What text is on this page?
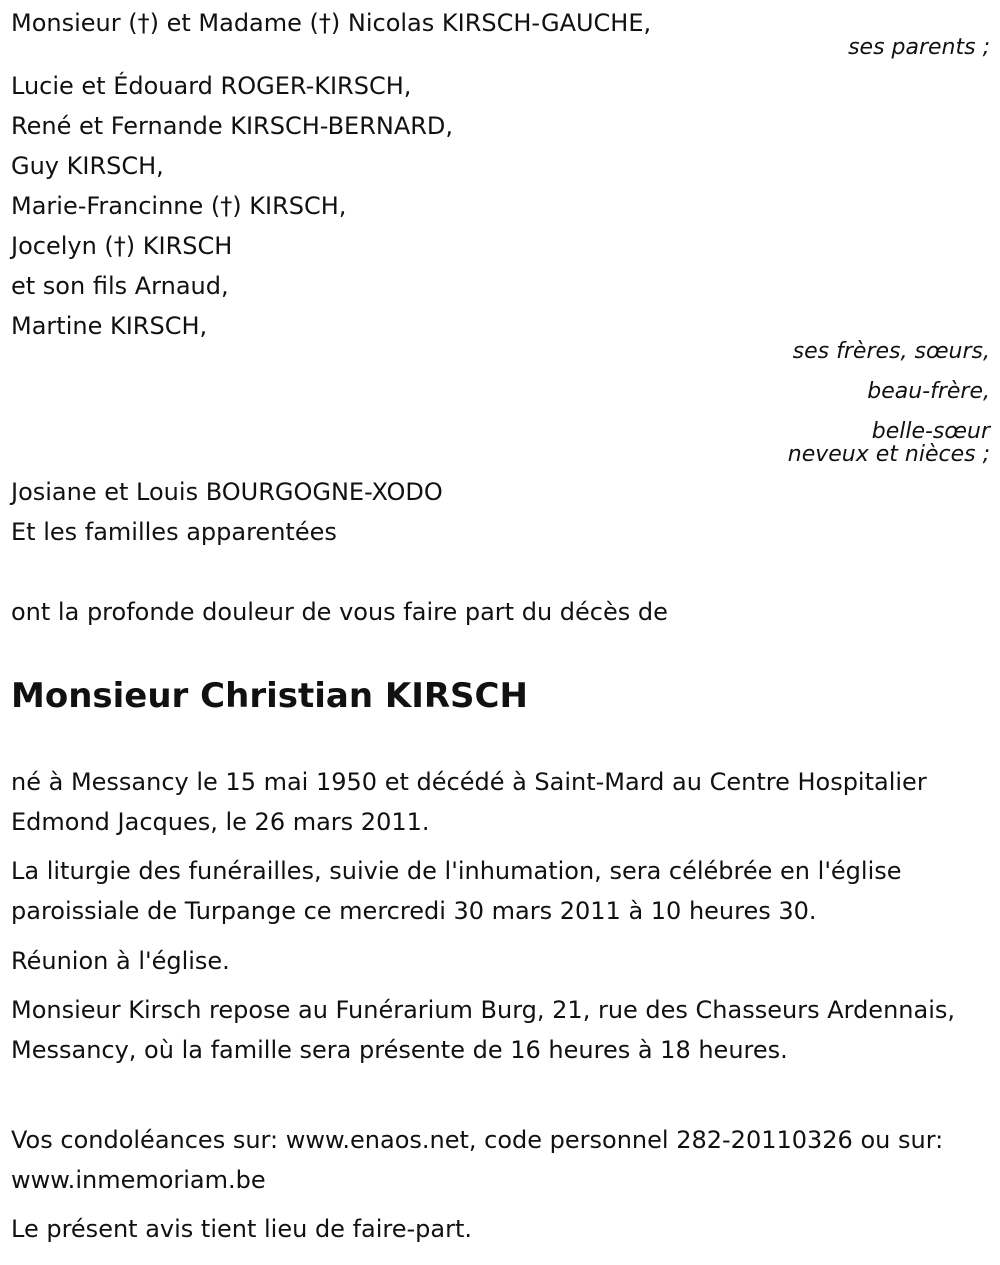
Monsieur (†) et Madame (†) Nicolas KIRSCH-GAUCHE,
ses parents ;
Lucie et Édouard ROGER-KIRSCH,
René et Fernande KIRSCH-BERNARD,
Guy KIRSCH,
Marie-Francinne (†) KIRSCH,
Jocelyn (†) KIRSCH
et son fils Arnaud,
Martine KIRSCH,
ses frères, sœurs,
beau-frère,
belle-sœur
neveux et nièces ;
Josiane et Louis BOURGOGNE-XODO
Et les familles apparentées
ont la profonde douleur de vous faire part du décès de
Monsieur Christian KIRSCH

né à Messancy le 15 mai 1950 et décédé à Saint-Mard au Centre Hospitalier Edmond Jacques, le 26 mars 2011.

La liturgie des funérailles, suivie de l'inhumation, sera célébrée en l'église paroissiale de Turpange ce mercredi 30 mars 2011 à 10 heures 30.

Réunion à l'église.

Monsieur Kirsch repose au Funérarium Burg, 21, rue des Chasseurs Ardennais, Messancy, où la famille sera présente de 16 heures à 18 heures.

Vos condoléances sur: www.enaos.net, code personnel 282-20110326 ou sur: www.inmemoriam.be

Le présent avis tient lieu de faire-part.
